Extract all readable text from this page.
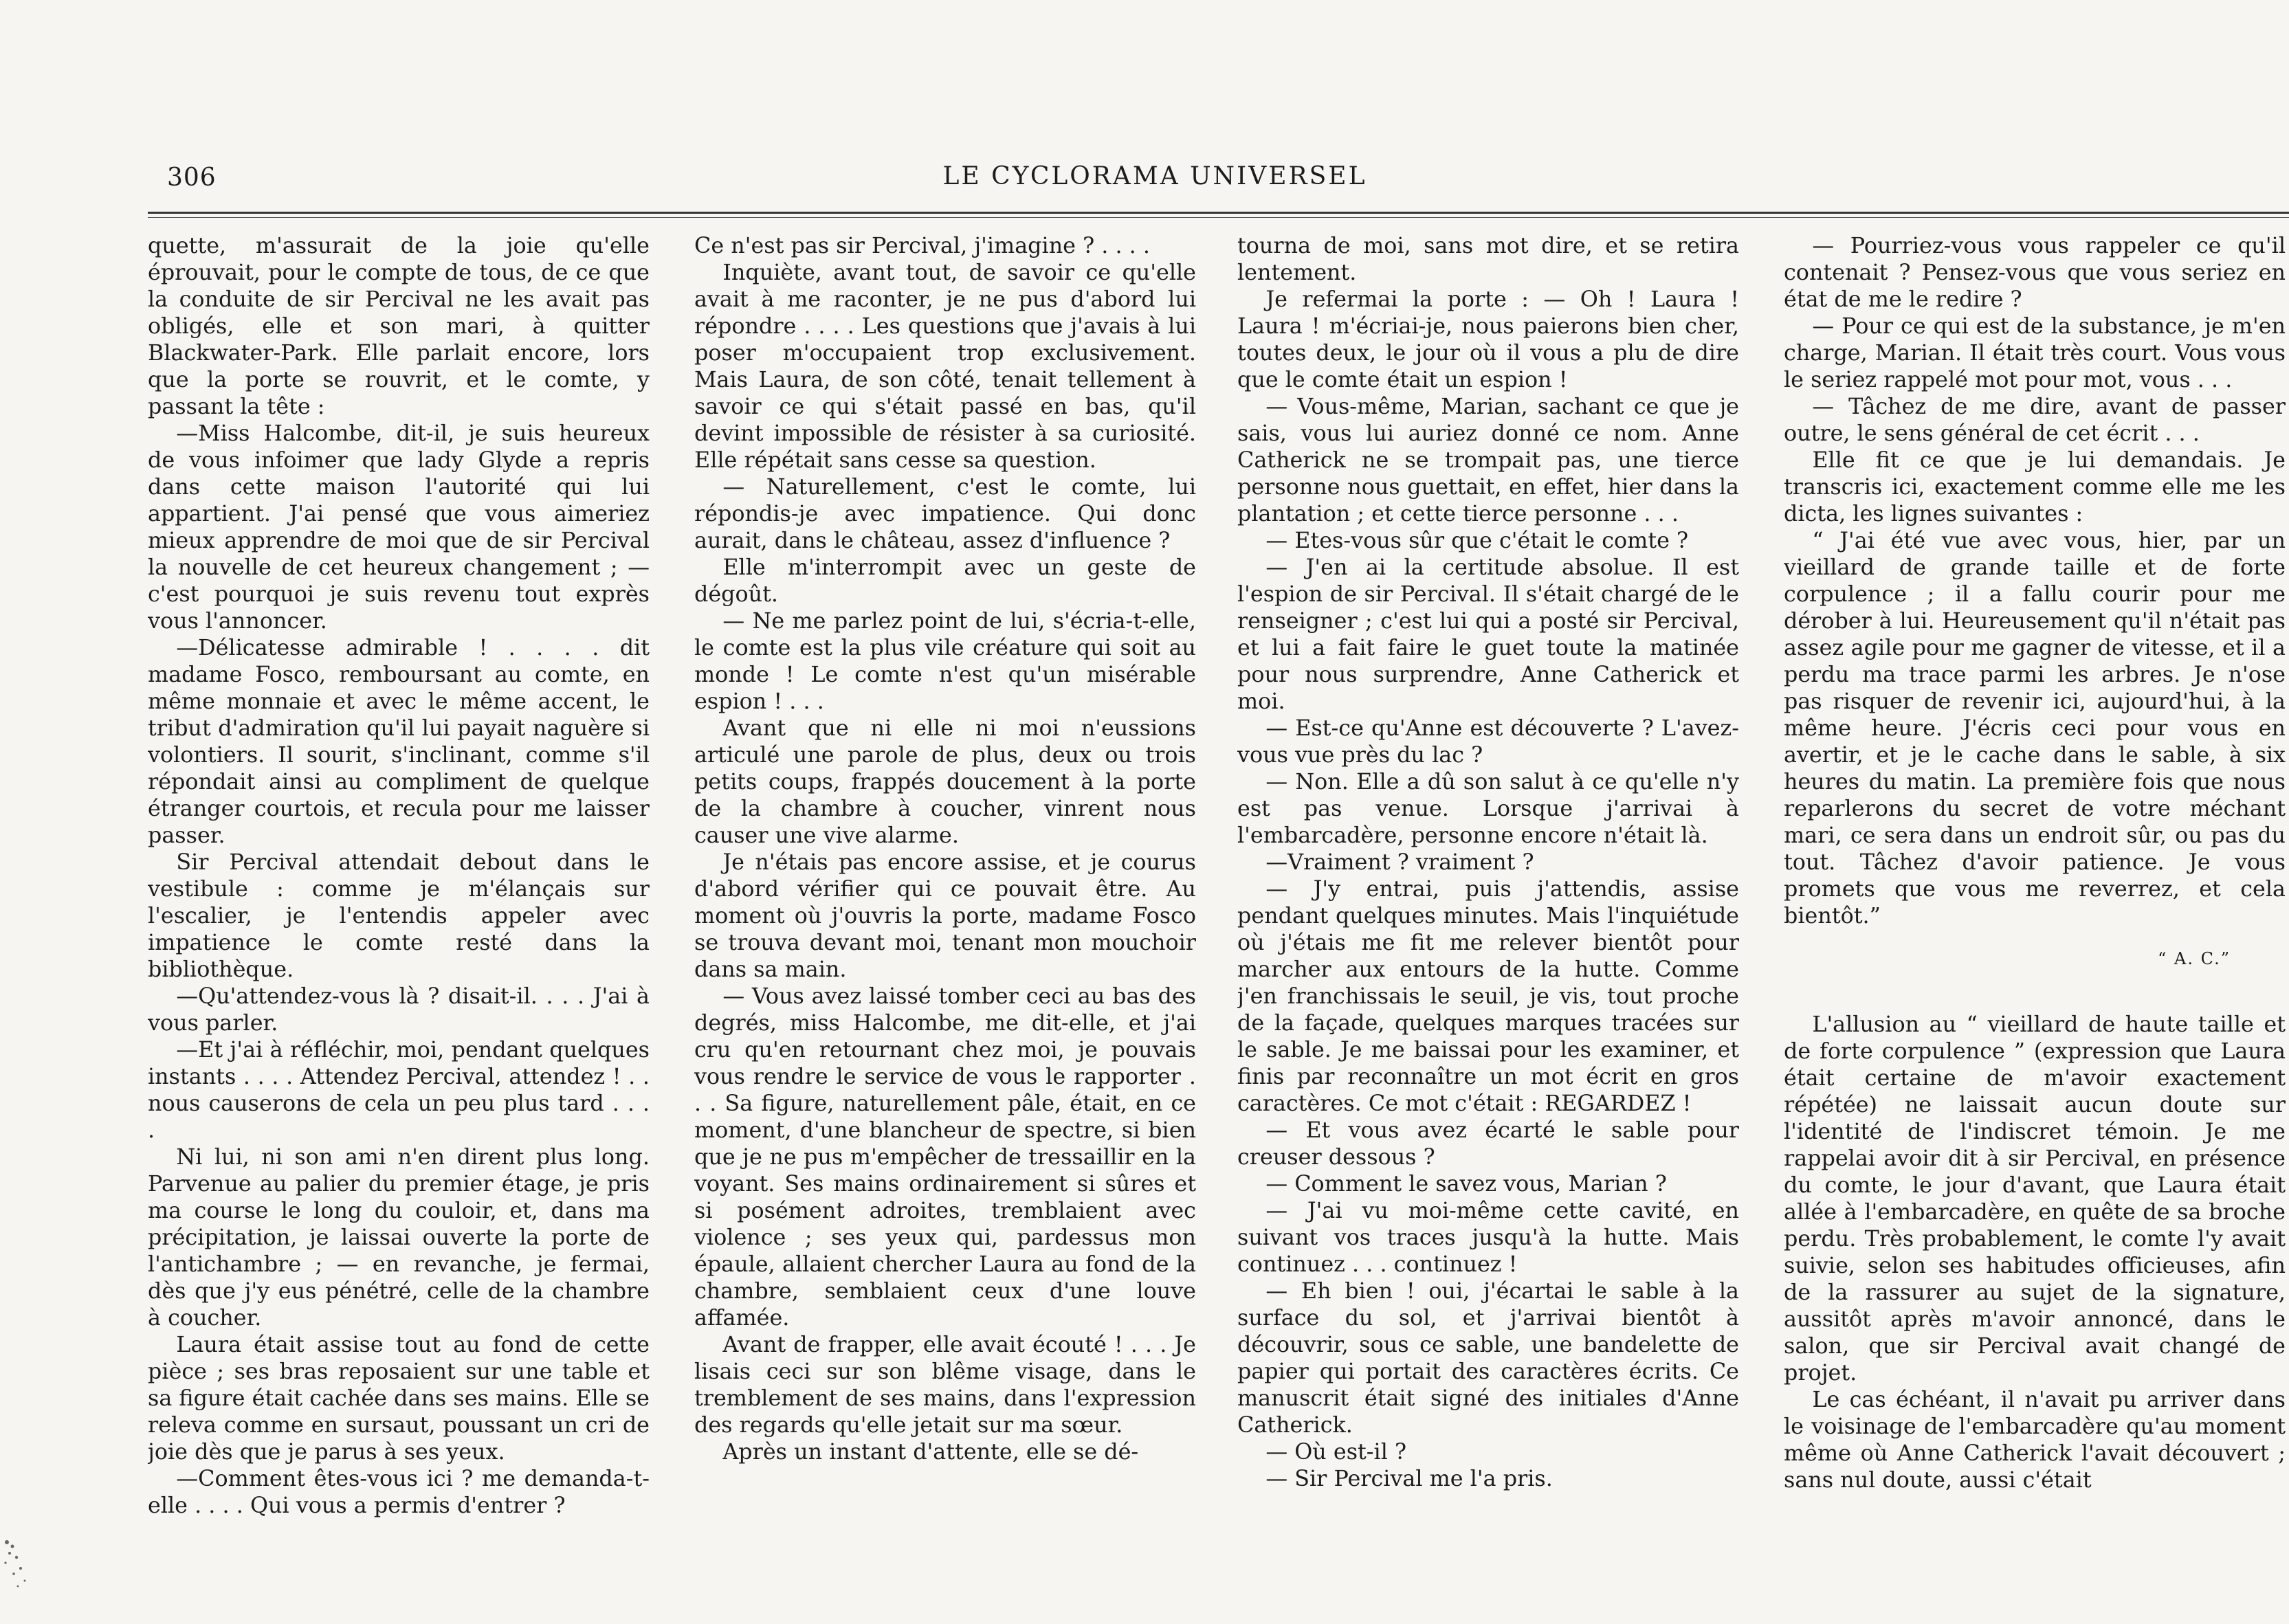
306	LE CYCLORAMA UNIVERSEL

quette, m'assurait de la joie qu'elle éprouvait, pour le compte de tous, de ce que la conduite de sir Percival ne les avait pas obligés, elle et son mari, à quitter Blackwater-Park. Elle parlait encore, lors que la porte se rouvrit, et le comte, y passant la tête :

—Miss Halcombe, dit-il, je suis heureux de vous infoimer que lady Glyde a repris dans cette maison l'autorité qui lui appartient. J'ai pensé que vous aimeriez mieux apprendre de moi que de sir Percival la nouvelle de cet heureux changement ; — c'est pourquoi je suis revenu tout exprès vous l'annoncer.

—Délicatesse admirable ! . . . . dit madame Fosco, remboursant au comte, en même monnaie et avec le même accent, le tribut d'admiration qu'il lui payait naguère si volontiers. Il sourit, s'inclinant, comme s'il répondait ainsi au compliment de quelque étranger courtois, et recula pour me laisser passer.

Sir Percival attendait debout dans le vestibule : comme je m'élançais sur l'escalier, je l'entendis appeler avec impatience le comte resté dans la bibliothèque.

—Qu'attendez-vous là ? disait-il. . . . J'ai à vous parler.

—Et j'ai à réfléchir, moi, pendant quelques instants . . . . Attendez Percival, attendez ! . . nous causerons de cela un peu plus tard . . . .

Ni lui, ni son ami n'en dirent plus long. Parvenue au palier du premier étage, je pris ma course le long du couloir, et, dans ma précipitation, je laissai ouverte la porte de l'antichambre ; — en revanche, je fermai, dès que j'y eus pénétré, celle de la chambre à coucher.

Laura était assise tout au fond de cette pièce ; ses bras reposaient sur une table et sa figure était cachée dans ses mains. Elle se releva comme en sursaut, poussant un cri de joie dès que je parus à ses yeux.

—Comment êtes-vous ici ? me demanda-t-elle . . . . Qui vous a permis d'entrer ?

Ce n'est pas sir Percival, j'imagine ? . . . .

Inquiète, avant tout, de savoir ce qu'elle avait à me raconter, je ne pus d'abord lui répondre . . . . Les questions que j'avais à lui poser m'occupaient trop exclusivement. Mais Laura, de son côté, tenait tellement à savoir ce qui s'était passé en bas, qu'il devint impossible de résister à sa curiosité. Elle répétait sans cesse sa question.

— Naturellement, c'est le comte, lui répondis-je avec impatience. Qui donc aurait, dans le château, assez d'influence ?

Elle m'interrompit avec un geste de dégoût.

— Ne me parlez point de lui, s'écria-t-elle, le comte est la plus vile créature qui soit au monde ! Le comte n'est qu'un misérable espion ! . . .

Avant que ni elle ni moi n'eussions articulé une parole de plus, deux ou trois petits coups, frappés doucement à la porte de la chambre à coucher, vinrent nous causer une vive alarme.

Je n'étais pas encore assise, et je courus d'abord vérifier qui ce pouvait être. Au moment où j'ouvris la porte, madame Fosco se trouva devant moi, tenant mon mouchoir dans sa main.

— Vous avez laissé tomber ceci au bas des degrés, miss Halcombe, me dit-elle, et j'ai cru qu'en retournant chez moi, je pouvais vous rendre le service de vous le rapporter . . . Sa figure, naturellement pâle, était, en ce moment, d'une blancheur de spectre, si bien que je ne pus m'empêcher de tressaillir en la voyant. Ses mains ordinairement si sûres et si posément adroites, tremblaient avec violence ; ses yeux qui, pardessus mon épaule, allaient chercher Laura au fond de la chambre, semblaient ceux d'une louve affamée.

Avant de frapper, elle avait écouté ! . . . Je lisais ceci sur son blême visage, dans le tremblement de ses mains, dans l'expression des regards qu'elle jetait sur ma sœur.

Après un instant d'attente, elle se dé-

tourna de moi, sans mot dire, et se retira lentement.

Je refermai la porte : — Oh ! Laura ! Laura ! m'écriai-je, nous paierons bien cher, toutes deux, le jour où il vous a plu de dire que le comte était un espion !

— Vous-même, Marian, sachant ce que je sais, vous lui auriez donné ce nom. Anne Catherick ne se trompait pas, une tierce personne nous guettait, en effet, hier dans la plantation ; et cette tierce personne . . .

— Etes-vous sûr que c'était le comte ?

— J'en ai la certitude absolue. Il est l'espion de sir Percival. Il s'était chargé de le renseigner ; c'est lui qui a posté sir Percival, et lui a fait faire le guet toute la matinée pour nous surprendre, Anne Catherick et moi.

— Est-ce qu'Anne est découverte ? L'avez-vous vue près du lac ?

— Non. Elle a dû son salut à ce qu'elle n'y est pas venue. Lorsque j'arrivai à l'embarcadère, personne encore n'était là.

—Vraiment ? vraiment ?

— J'y entrai, puis j'attendis, assise pendant quelques minutes. Mais l'inquiétude où j'étais me fit me relever bientôt pour marcher aux entours de la hutte. Comme j'en franchissais le seuil, je vis, tout proche de la façade, quelques marques tracées sur le sable. Je me baissai pour les examiner, et finis par reconnaître un mot écrit en gros caractères. Ce mot c'était : REGARDEZ !

— Et vous avez écarté le sable pour creuser dessous ?

— Comment le savez vous, Marian ?

— J'ai vu moi-même cette cavité, en suivant vos traces jusqu'à la hutte. Mais continuez . . . continuez !

— Eh bien ! oui, j'écartai le sable à la surface du sol, et j'arrivai bientôt à découvrir, sous ce sable, une bandelette de papier qui portait des caractères écrits. Ce manuscrit était signé des initiales d'Anne Catherick.

— Où est-il ?

— Sir Percival me l'a pris.

— Pourriez-vous vous rappeler ce qu'il contenait ? Pensez-vous que vous seriez en état de me le redire ?

— Pour ce qui est de la substance, je m'en charge, Marian. Il était très court. Vous vous le seriez rappelé mot pour mot, vous . . .

— Tâchez de me dire, avant de passer outre, le sens général de cet écrit . . .

Elle fit ce que je lui demandais. Je transcris ici, exactement comme elle me les dicta, les lignes suivantes :

“ J'ai été vue avec vous, hier, par un vieillard de grande taille et de forte corpulence ; il a fallu courir pour me dérober à lui. Heureusement qu'il n'était pas assez agile pour me gagner de vitesse, et il a perdu ma trace parmi les arbres. Je n'ose pas risquer de revenir ici, aujourd'hui, à la même heure. J'écris ceci pour vous en avertir, et je le cache dans le sable, à six heures du matin. La première fois que nous reparlerons du secret de votre méchant mari, ce sera dans un endroit sûr, ou pas du tout. Tâchez d'avoir patience. Je vous promets que vous me reverrez, et cela bientôt.”

“ A. C.”

L'allusion au “ vieillard de haute taille et de forte corpulence ” (expression que Laura était certaine de m'avoir exactement répétée) ne laissait aucun doute sur l'identité de l'indiscret témoin. Je me rappelai avoir dit à sir Percival, en présence du comte, le jour d'avant, que Laura était allée à l'embarcadère, en quête de sa broche perdu. Très probablement, le comte l'y avait suivie, selon ses habitudes officieuses, afin de la rassurer au sujet de la signature, aussitôt après m'avoir annoncé, dans le salon, que sir Percival avait changé de projet.

Le cas échéant, il n'avait pu arriver dans le voisinage de l'embarcadère qu'au moment même où Anne Catherick l'avait découvert ; sans nul doute, aussi c'était
